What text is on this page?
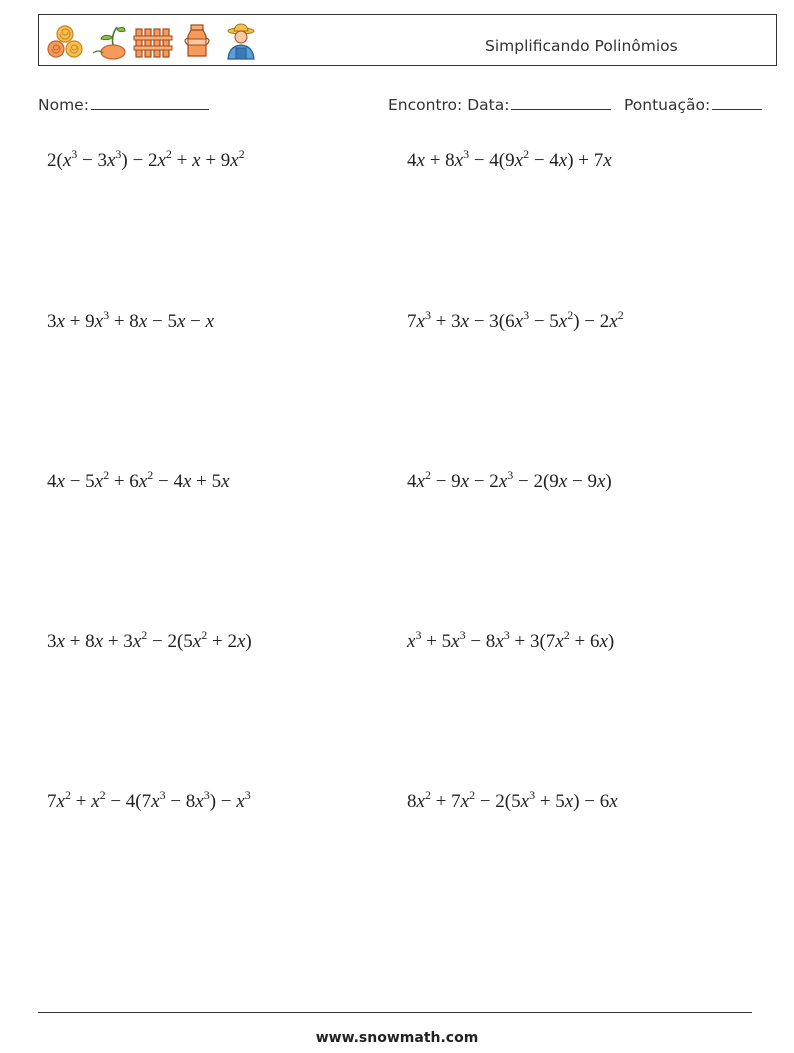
Simplificando Polinômios
Nome:	Encontro: Data:	Pontuação:
$2(x^3 - 3x^3) - 2x^2 + x + 9x^2$	$4x + 8x^3 - 4(9x^2 - 4x) + 7x$
$3x + 9x^3 + 8x - 5x - x$	$7x^3 + 3x - 3(6x^3 - 5x^2) - 2x^2$
$4x - 5x^2 + 6x^2 - 4x + 5x$	$4x^2 - 9x - 2x^3 - 2(9x - 9x)$
$3x + 8x + 3x^2 - 2(5x^2 + 2x)$	$x^3 + 5x^3 - 8x^3 + 3(7x^2 + 6x)$
$7x^2 + x^2 - 4(7x^3 - 8x^3) - x^3$	$8x^2 + 7x^2 - 2(5x^3 + 5x) - 6x$
www.snowmath.com
